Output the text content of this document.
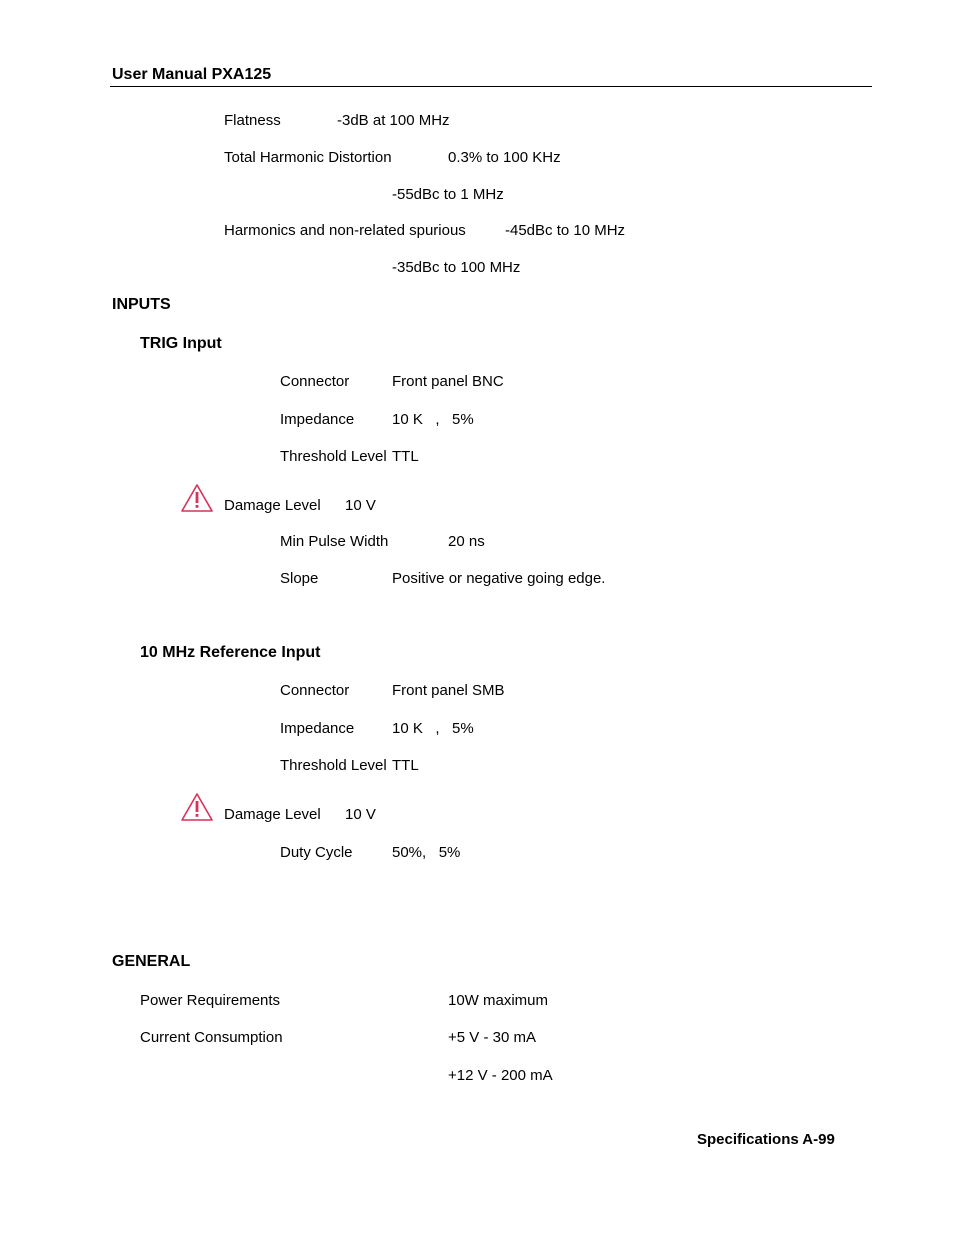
User Manual PXA125
Flatness	-3dB at 100 MHz
Total Harmonic Distortion	0.3% to 100 KHz
-55dBc to 1 MHz
Harmonics and non-related spurious	-45dBc to 10 MHz
-35dBc to 100 MHz
INPUTS
TRIG Input
Connector	Front panel BNC
Impedance	10 K   ,   5%
Threshold Level TTL
Damage Level 10 V
Min Pulse Width	20 ns
Slope	Positive or negative going edge.
10 MHz Reference Input
Connector	Front panel SMB
Impedance	10 K   ,   5%
Threshold Level TTL
Damage Level 10 V
Duty Cycle	50%,   5%
GENERAL
Power Requirements	10W maximum
Current Consumption	+5 V - 30 mA
+12 V - 200 mA
Specifications A-99
